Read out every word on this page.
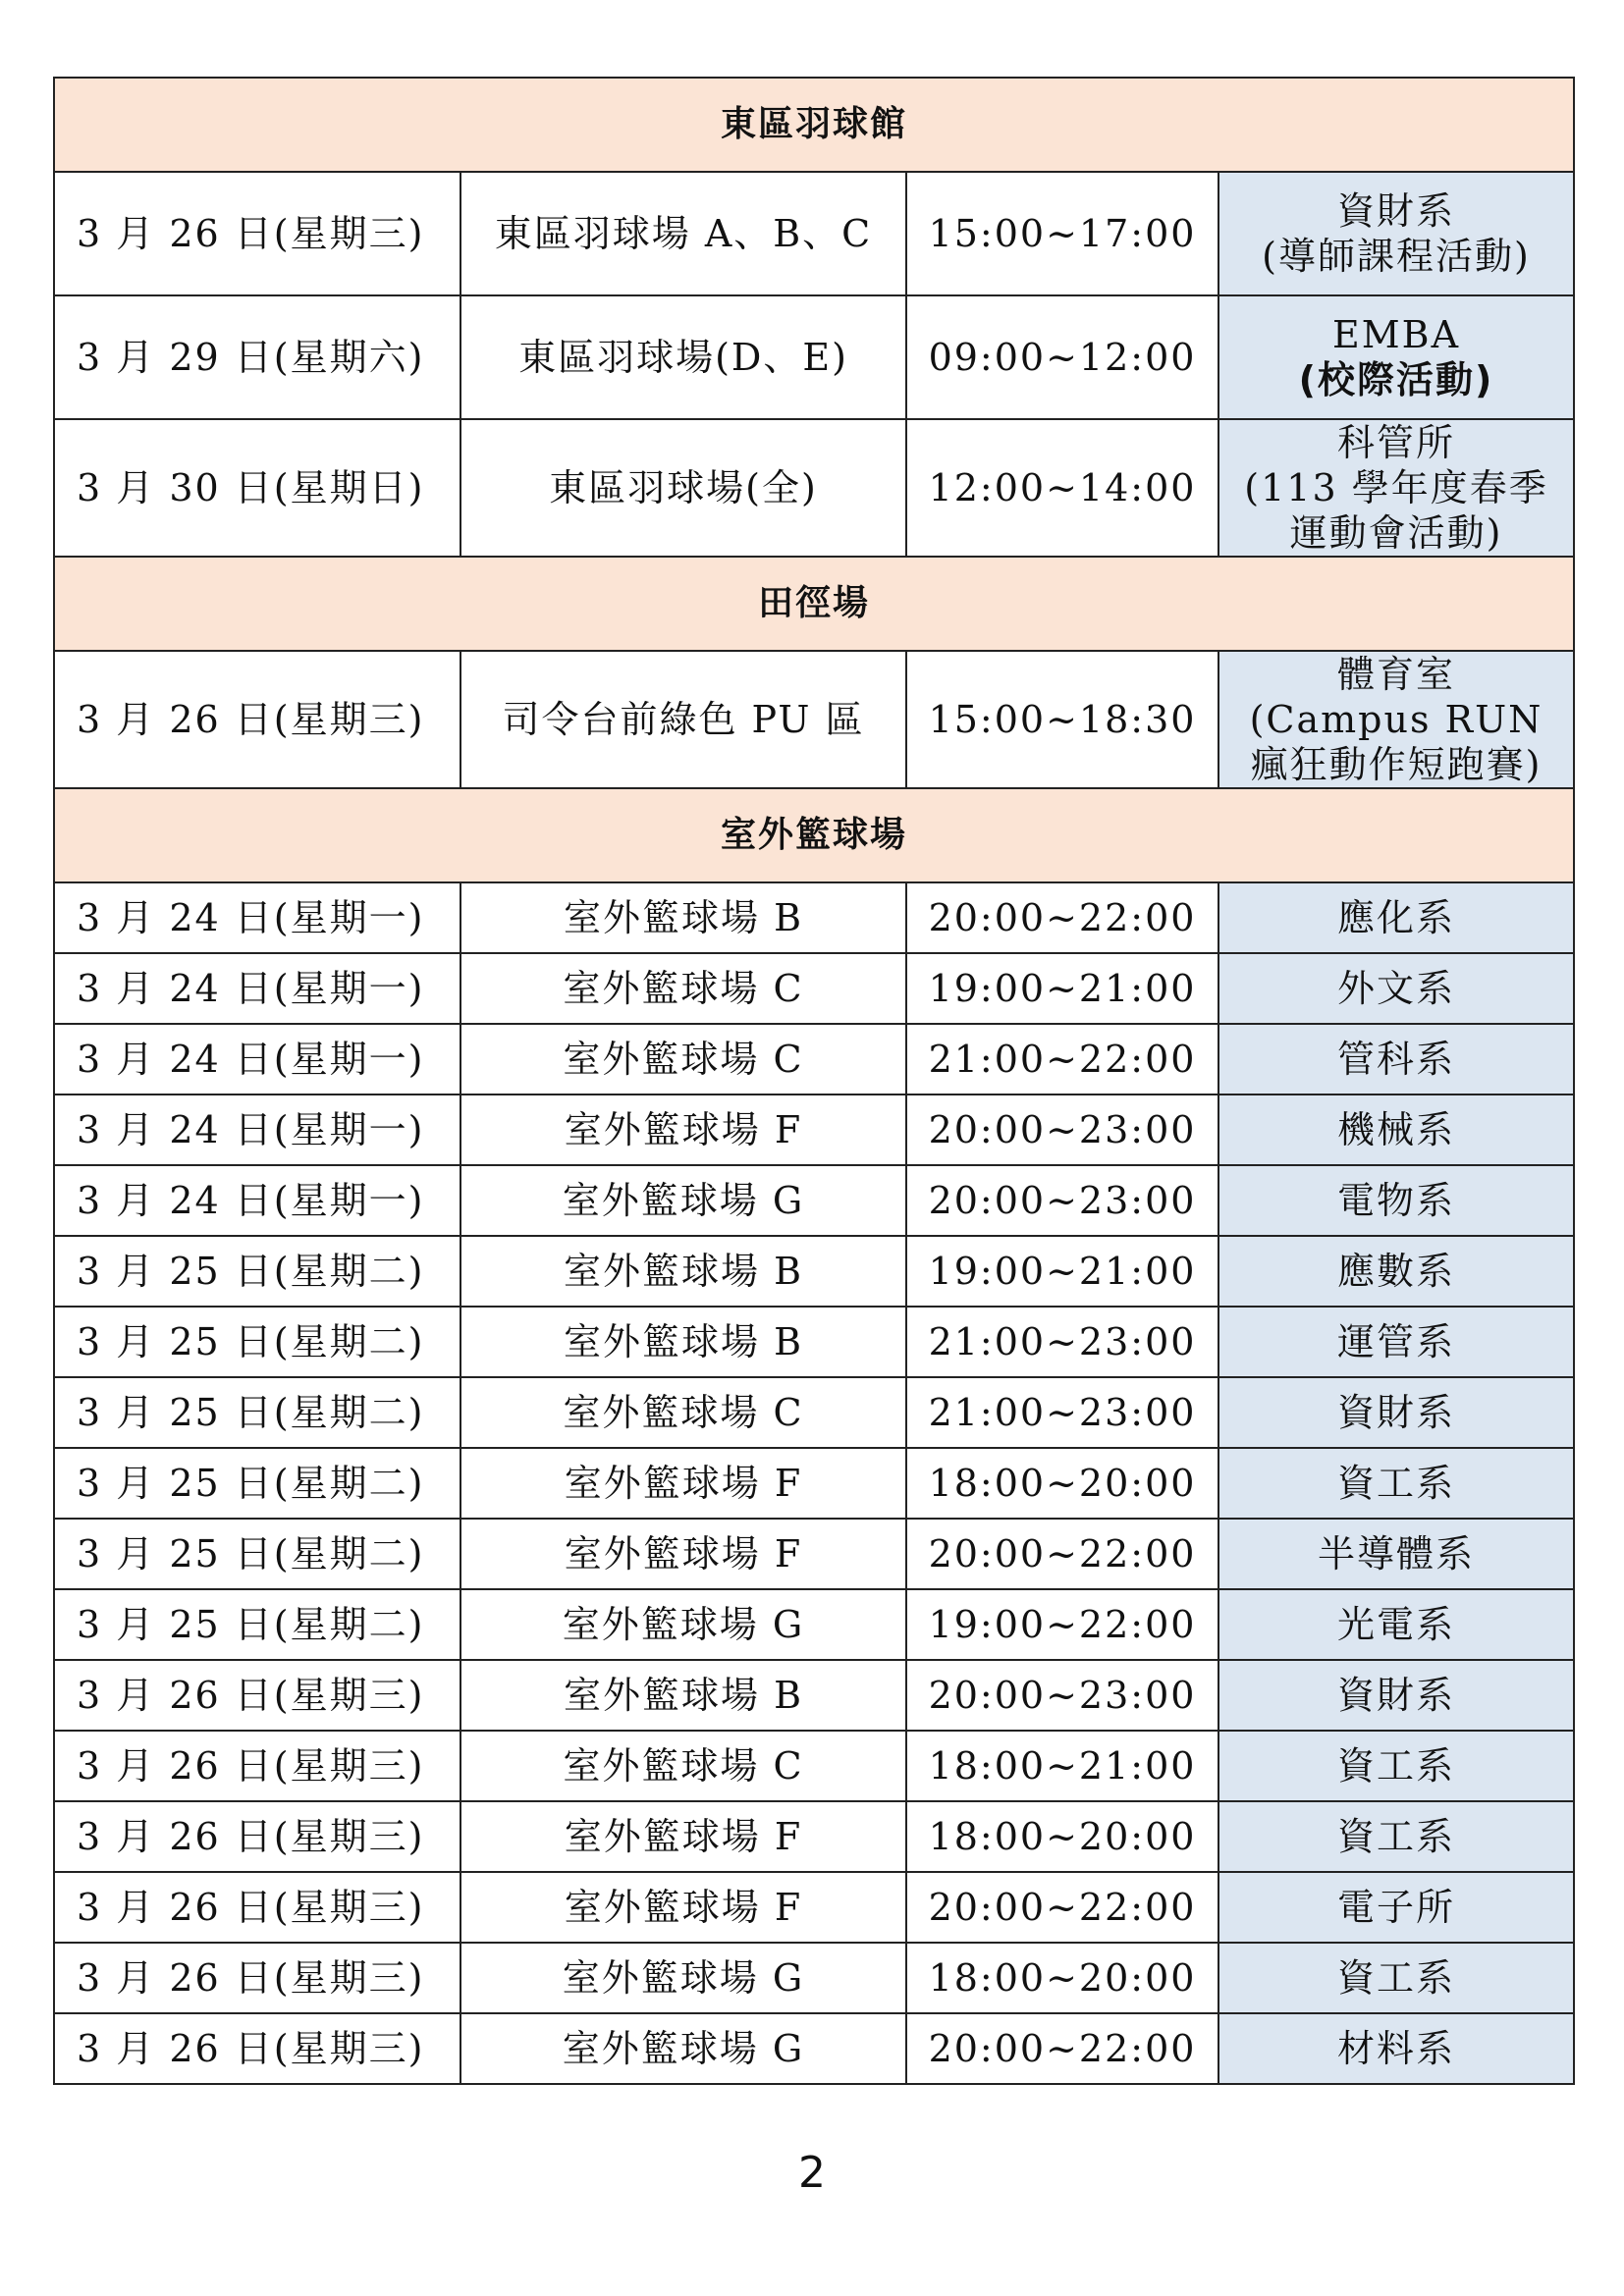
東區羽球館			
3 月 26 日(星期三)	東區羽球場 A、B、C	15:00~17:00	資財系
(導師課程活動)

3 月 29 日(星期六)	東區羽球場(D、E)	09:00~12:00	EMBA
(校際活動)

3 月 30 日(星期日)	東區羽球場(全)	12:00~14:00	科管所
(113 學年度春季
運動會活動)

田徑場			
3 月 26 日(星期三)	司令台前綠色 PU 區	15:00~18:30	體育室
(Campus RUN
瘋狂動作短跑賽)

室外籃球場			
3 月 24 日(星期一)	室外籃球場 B	20:00~22:00	應化系

3 月 24 日(星期一)	室外籃球場 C	19:00~21:00	外文系

3 月 24 日(星期一)	室外籃球場 C	21:00~22:00	管科系

3 月 24 日(星期一)	室外籃球場 F	20:00~23:00	機械系

3 月 24 日(星期一)	室外籃球場 G	20:00~23:00	電物系

3 月 25 日(星期二)	室外籃球場 B	19:00~21:00	應數系

3 月 25 日(星期二)	室外籃球場 B	21:00~23:00	運管系

3 月 25 日(星期二)	室外籃球場 C	21:00~23:00	資財系

3 月 25 日(星期二)	室外籃球場 F	18:00~20:00	資工系

3 月 25 日(星期二)	室外籃球場 F	20:00~22:00	半導體系

3 月 25 日(星期二)	室外籃球場 G	19:00~22:00	光電系

3 月 26 日(星期三)	室外籃球場 B	20:00~23:00	資財系

3 月 26 日(星期三)	室外籃球場 C	18:00~21:00	資工系

3 月 26 日(星期三)	室外籃球場 F	18:00~20:00	資工系

3 月 26 日(星期三)	室外籃球場 F	20:00~22:00	電子所

3 月 26 日(星期三)	室外籃球場 G	18:00~20:00	資工系

3 月 26 日(星期三)	室外籃球場 G	20:00~22:00	材料系
2
